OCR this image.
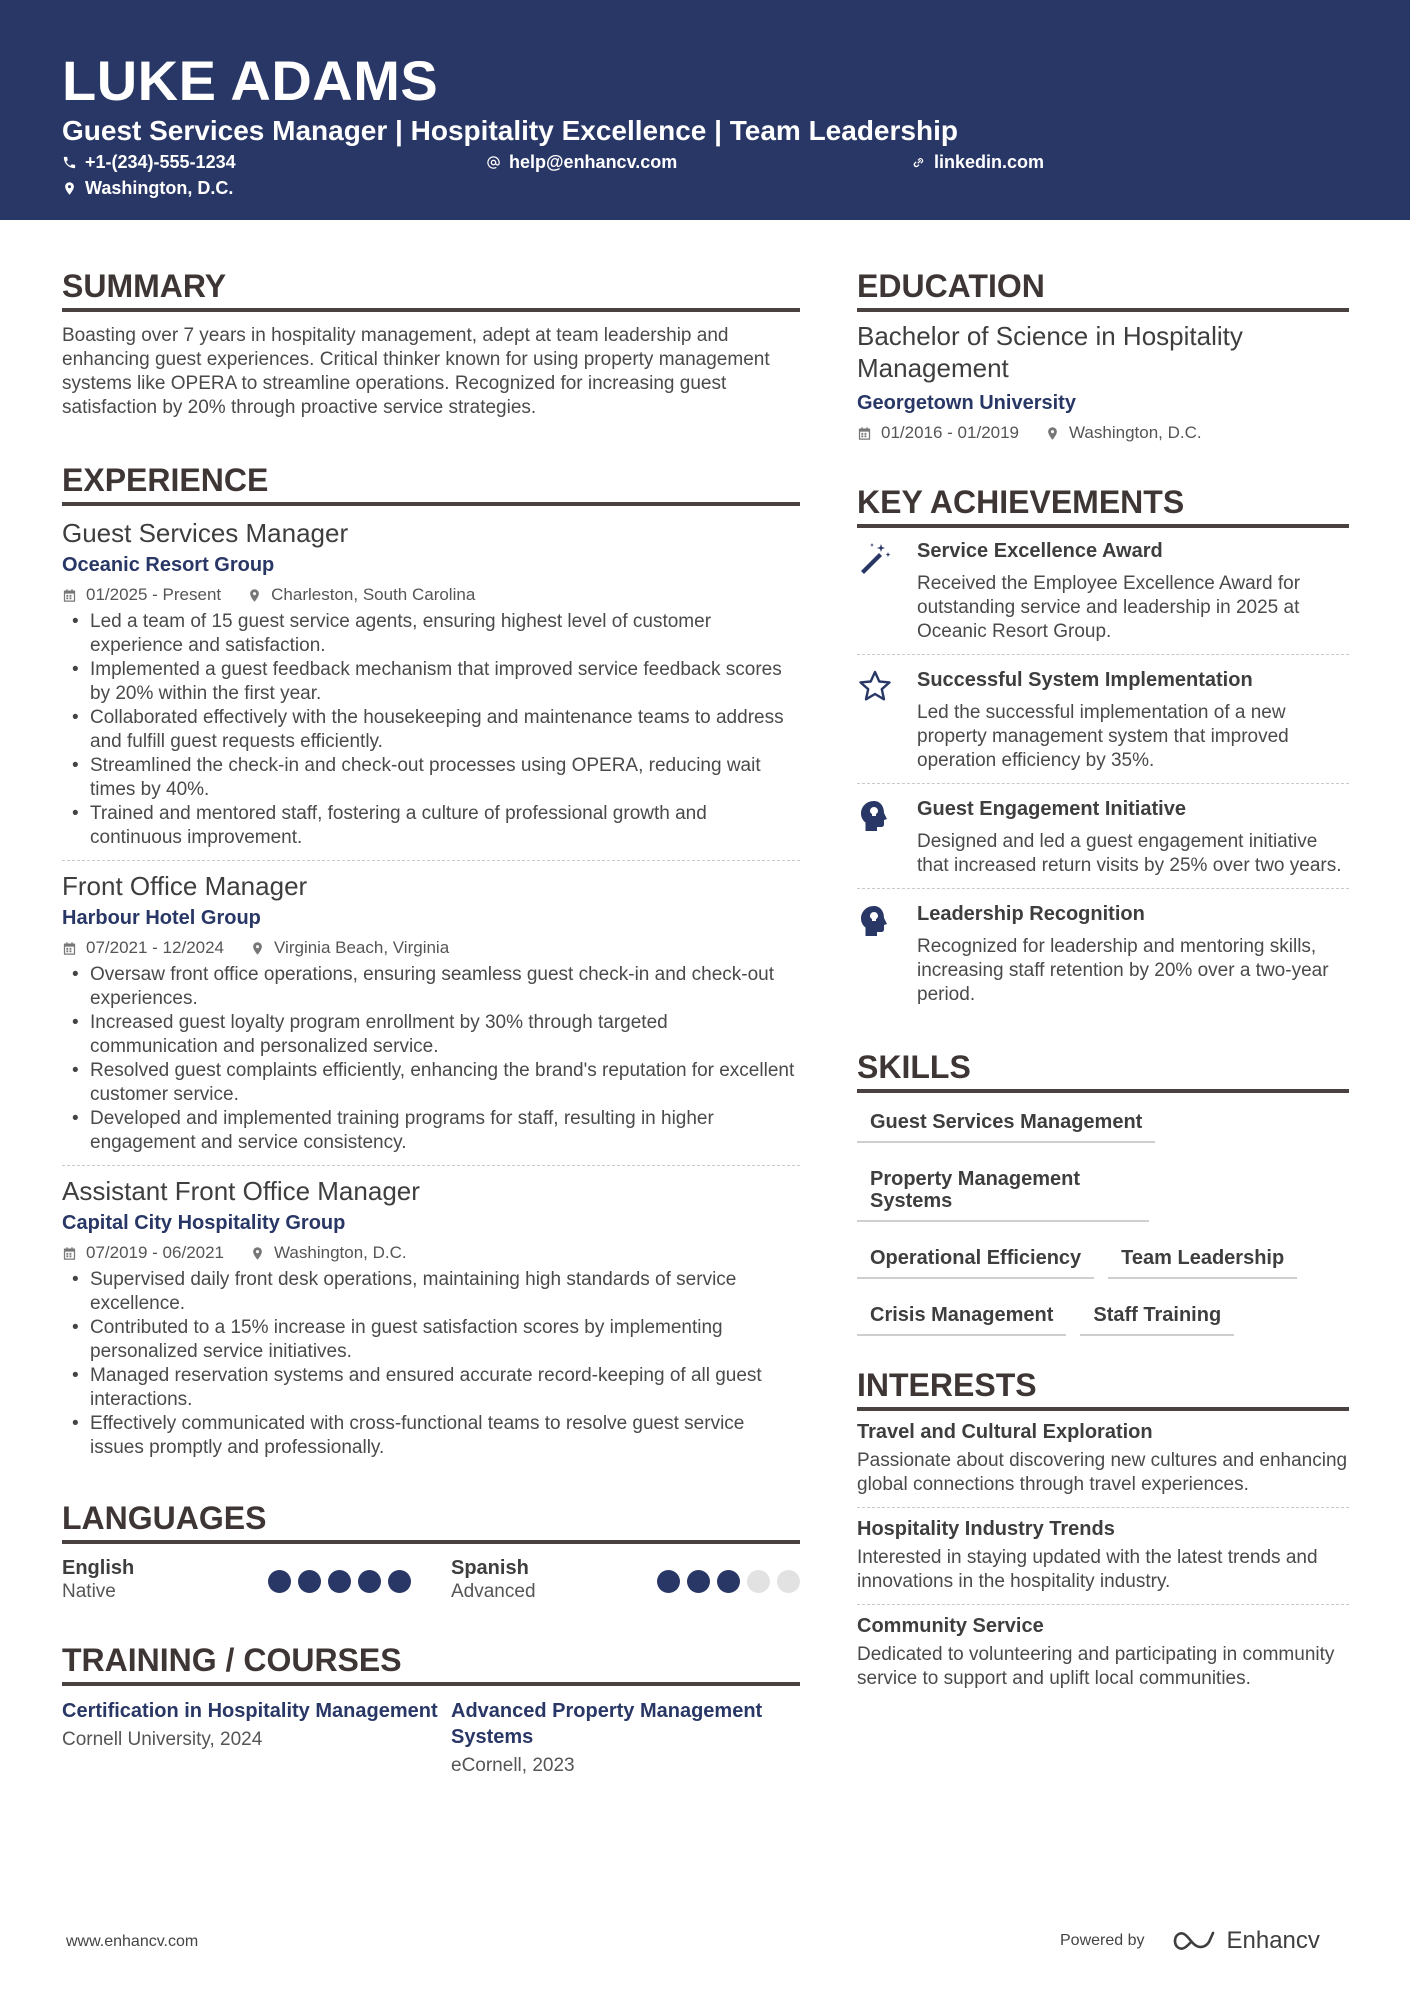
LUKE ADAMS
Guest Services Manager | Hospitality Excellence | Team Leadership
+1-(234)-555-1234	help@enhancv.com	linkedin.com
Washington, D.C.
SUMMARY
Boasting over 7 years in hospitality management, adept at team leadership and enhancing guest experiences. Critical thinker known for using property management systems like OPERA to streamline operations. Recognized for increasing guest satisfaction by 20% through proactive service strategies.
EXPERIENCE
Guest Services Manager
Oceanic Resort Group
01/2025 - Present	Charleston, South Carolina
• Led a team of 15 guest service agents, ensuring highest level of customer experience and satisfaction.
• Implemented a guest feedback mechanism that improved service feedback scores by 20% within the first year.
• Collaborated effectively with the housekeeping and maintenance teams to address and fulfill guest requests efficiently.
• Streamlined the check-in and check-out processes using OPERA, reducing wait times by 40%.
• Trained and mentored staff, fostering a culture of professional growth and continuous improvement.
Front Office Manager
Harbour Hotel Group
07/2021 - 12/2024	Virginia Beach, Virginia
• Oversaw front office operations, ensuring seamless guest check-in and check-out experiences.
• Increased guest loyalty program enrollment by 30% through targeted communication and personalized service.
• Resolved guest complaints efficiently, enhancing the brand's reputation for excellent customer service.
• Developed and implemented training programs for staff, resulting in higher engagement and service consistency.
Assistant Front Office Manager
Capital City Hospitality Group
07/2019 - 06/2021	Washington, D.C.
• Supervised daily front desk operations, maintaining high standards of service excellence.
• Contributed to a 15% increase in guest satisfaction scores by implementing personalized service initiatives.
• Managed reservation systems and ensured accurate record-keeping of all guest interactions.
• Effectively communicated with cross-functional teams to resolve guest service issues promptly and professionally.
LANGUAGES
English
Native
Spanish
Advanced
TRAINING / COURSES
Certification in Hospitality Management
Cornell University, 2024
Advanced Property Management Systems
eCornell, 2023
EDUCATION
Bachelor of Science in Hospitality Management
Georgetown University
01/2016 - 01/2019	Washington, D.C.
KEY ACHIEVEMENTS
Service Excellence Award
Received the Employee Excellence Award for outstanding service and leadership in 2025 at Oceanic Resort Group.
Successful System Implementation
Led the successful implementation of a new property management system that improved operation efficiency by 35%.
Guest Engagement Initiative
Designed and led a guest engagement initiative that increased return visits by 25% over two years.
Leadership Recognition
Recognized for leadership and mentoring skills, increasing staff retention by 20% over a two-year period.
SKILLS
Guest Services Management
Property Management Systems
Operational Efficiency	Team Leadership
Crisis Management	Staff Training
INTERESTS
Travel and Cultural Exploration
Passionate about discovering new cultures and enhancing global connections through travel experiences.
Hospitality Industry Trends
Interested in staying updated with the latest trends and innovations in the hospitality industry.
Community Service
Dedicated to volunteering and participating in community service to support and uplift local communities.
www.enhancv.com	Powered by	Enhancv
